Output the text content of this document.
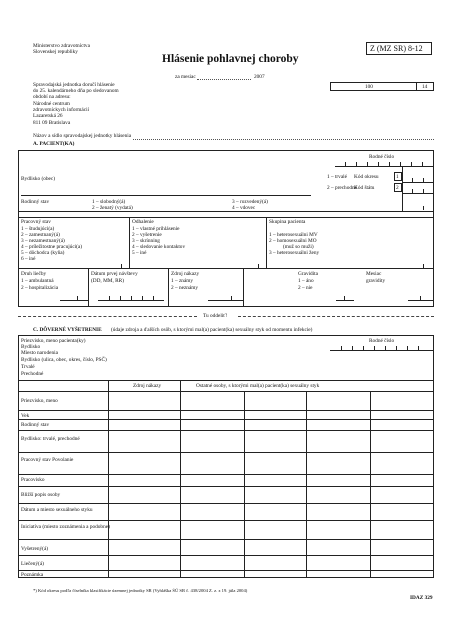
Ministerstvo zdravotníctva
Slovenskej republiky
Hlásenie pohlavnej choroby
Z (MZ SR) 8-12
za mesiac	2007
100	14
Spravodajská jednotka doručí hlásenie
do 25. kalendárneho dňa po sledovanom
období na adresu:
Národné centrum
zdravotníckych informácií
Lazaretská 26
811 09 Bratislava
Názov a sídlo spravodajskej jednotky hlásenia
A. PACIENT(KA)
Rodné číslo
Bydlisko (obec)	1 – trvalé
2 – prechodné
Kód okresu
Kód štátu
1
2
Rodinný stav	1 – slobodný(á)
2 – ženatý (vydatá)
3 – rozvedený(á)
4 – vdovec
Pracovný stav
1 – študujúci(a)
2 – zamestnaný(á)
3 – nezamestnaný(á)
4 – príležitostne pracujúci(a)
5 – dôchodca (kyňa)
6 – iné
Odhalenie
1 – vlastné prihlásenie
2 – vyšetrenie
3 – skrínning
4 – sledovanie kontaktov
5 – iné
Skupina pacienta
1 – heterosexuálni MV
2 – homosexuálni MO
(muž so muži)
3 – heterosexuálni ženy
Druh liečby
1 – ambulantná
2 – hospitalizácia
Dátum prvej návštevy
(DD, MM, RR)
Zdroj nákazy
1 – známy
2 – neznámy
Gravidita
1 – áno
2 – nie
Mesiac
gravidity
Tu oddeliť!
C. DÔVERNÉ VYŠETRENIE (údaje zdroja a ďalších osôb, s ktorými mal(a) pacient(ka) sexuálny styk od momentu infekcie)
Priezvisko, meno pacienta(ky)
Bydlisko
Miesto narodenia
Bydlisko (ulica, obec, okres, číslo, PSČ)
Trvalé
Prechodné
Rodné číslo
Zdroj nákazy	Ostatné osoby, s ktorými mal(a) pacient(ka) sexuálny styk
Priezvisko, meno
Vek
Rodinný stav
Bydlisko: trvalé, prechodné
Pracovný stav Povolanie
Pracovisko
Bližší popis osoby
Dátum a miesto sexuálneho styku
Iniciatíva (miesto zoznámenia a podobne)
Vyšetrený(á)
Liečený(á)
Poznámka
*) Kód okresu podľa číselníka klasifikácie územnej jednotky SR (Vyhláška ŠÚ SR č. 438/2004 Z. z. z 19. júla 2004)
IDAZ 329
